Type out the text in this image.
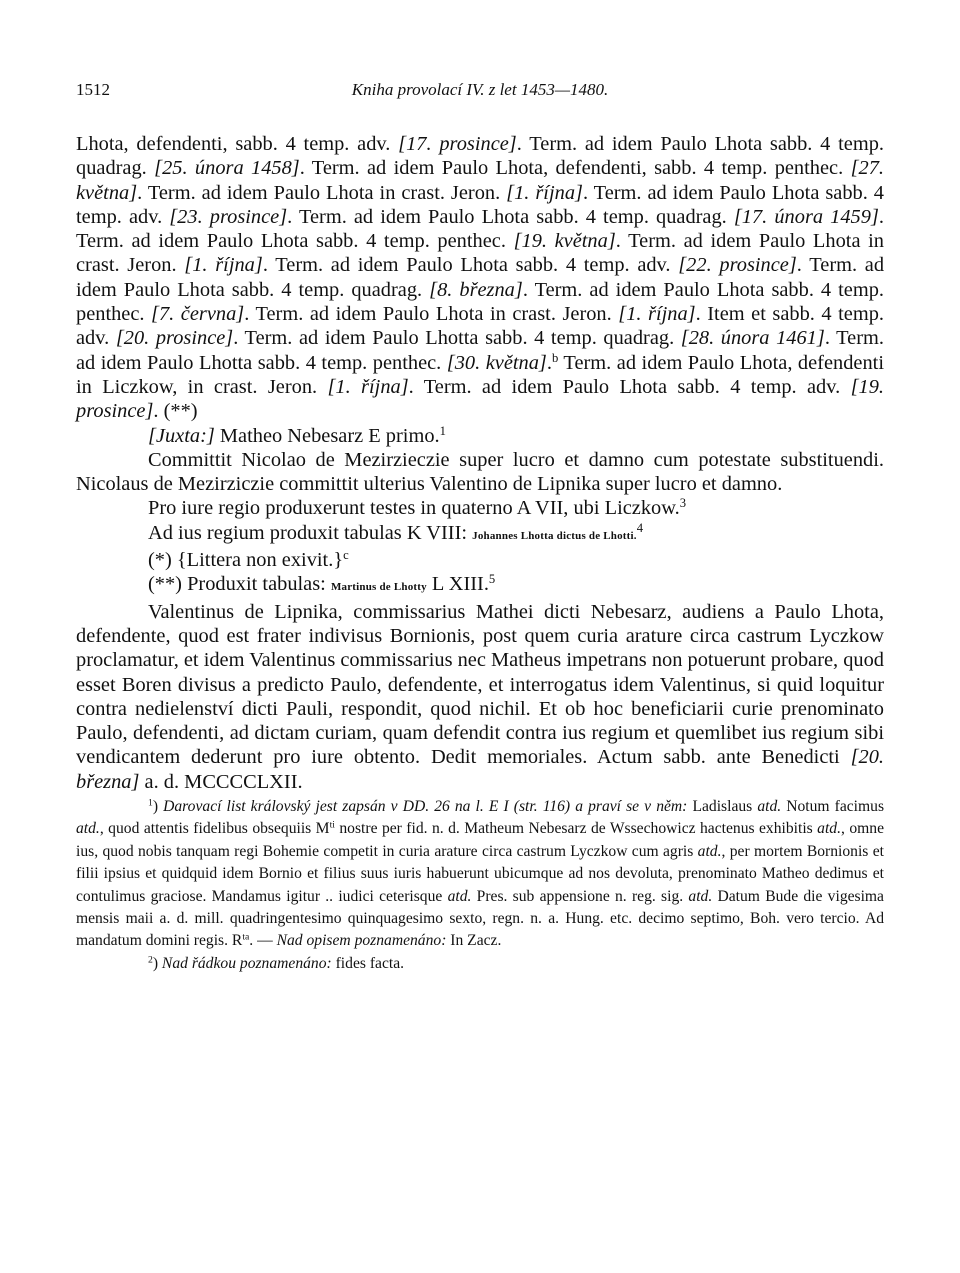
1512	Kniha provolací IV. z let 1453—1480.

Lhota, defendenti, sabb. 4 temp. adv. [17. prosince]. Term. ad idem Paulo Lhota sabb. 4 temp. quadrag. [25. února 1458]. Term. ad idem Paulo Lhota, defendenti, sabb. 4 temp. penthec. [27. května]. Term. ad idem Paulo Lhota in crast. Jeron. [1. října]. Term. ad idem Paulo Lhota sabb. 4 temp. adv. [23. prosince]. Term. ad idem Paulo Lhota sabb. 4 temp. quadrag. [17. února 1459]. Term. ad idem Paulo Lhota sabb. 4 temp. penthec. [19. května]. Term. ad idem Paulo Lhota in crast. Jeron. [1. října]. Term. ad idem Paulo Lhota sabb. 4 temp. adv. [22. prosince]. Term. ad idem Paulo Lhota sabb. 4 temp. quadrag. [8. března]. Term. ad idem Paulo Lhota sabb. 4 temp. penthec. [7. června]. Term. ad idem Paulo Lhota in crast. Jeron. [1. října]. Item et sabb. 4 temp. adv. [20. prosince]. Term. ad idem Paulo Lhotta sabb. 4 temp. quadrag. [28. února 1461]. Term. ad idem Paulo Lhotta sabb. 4 temp. penthec. [30. května].$^b$ Term. ad idem Paulo Lhota, defendenti in Liczkow, in crast. Jeron. [1. října]. Term. ad idem Paulo Lhota sabb. 4 temp. adv. [19. prosince]. (**)

[Juxta:] Matheo Nebesarz E primo.$^1$

Committit Nicolao de Mezirzieczie super lucro et damno cum potestate substituendi. Nicolaus de Mezirziczie committit ulterius Valentino de Lipnika super lucro et damno.

Pro iure regio produxerunt testes in quaterno A VII, ubi Liczkow.$^3$

Ad ius regium produxit tabulas K VIII: Johannes Lhotta dictus de Lhotti.$^4$

(*) {Littera non exivit.}$^c$

(**) Produxit tabulas: Martinus de Lhotty L XIII.$^5$

Valentinus de Lipnika, commissarius Mathei dicti Nebesarz, audiens a Paulo Lhota, defendente, quod est frater indivisus Bornionis, post quem curia arature circa castrum Lyczkow proclamatur, et idem Valentinus commissarius nec Matheus impetrans non potuerunt probare, quod esset Boren divisus a predicto Paulo, defendente, et interrogatus idem Valentinus, si quid loquitur contra nedielenství dicti Pauli, respondit, quod nichil. Et ob hoc beneficiarii curie prenominato Paulo, defendenti, ad dictam curiam, quam defendit contra ius regium et quemlibet ius regium sibi vendicantem dederunt pro iure obtento. Dedit memoriales. Actum sabb. ante Benedicti [20. března] a. d. MCCCCLXII.

$^1$) Darovací list královský jest zapsán v DD. 26 na l. E I (str. 116) a praví se v něm: Ladislaus atd. Notum facimus atd., quod attentis fidelibus obsequiis $M^{ti}$ nostre per fid. n. d. Matheum Nebesarz de Wssechowicz hactenus exhibitis atd., omne ius, quod nobis tanquam regi Bohemie competit in curia arature circa castrum Lyczkow cum agris atd., per mortem Bornionis et filii ipsius et quidquid idem Bornio et filius suus iuris habuerunt ubicumque ad nos devoluta, prenominato Matheo dedimus et contulimus graciose. Mandamus igitur .. iudici ceterisque atd. Pres. sub appensione n. reg. sig. atd. Datum Bude die vigesima mensis maii a. d. mill. quadringentesimo quinquagesimo sexto, regn. n. a. Hung. etc. decimo septimo, Boh. vero tercio. Ad mandatum domini regis. $R^{ta}$. — Nad opisem poznamenáno: In Zacz.

$^2$) Nad řádkou poznamenáno: fides facta.
